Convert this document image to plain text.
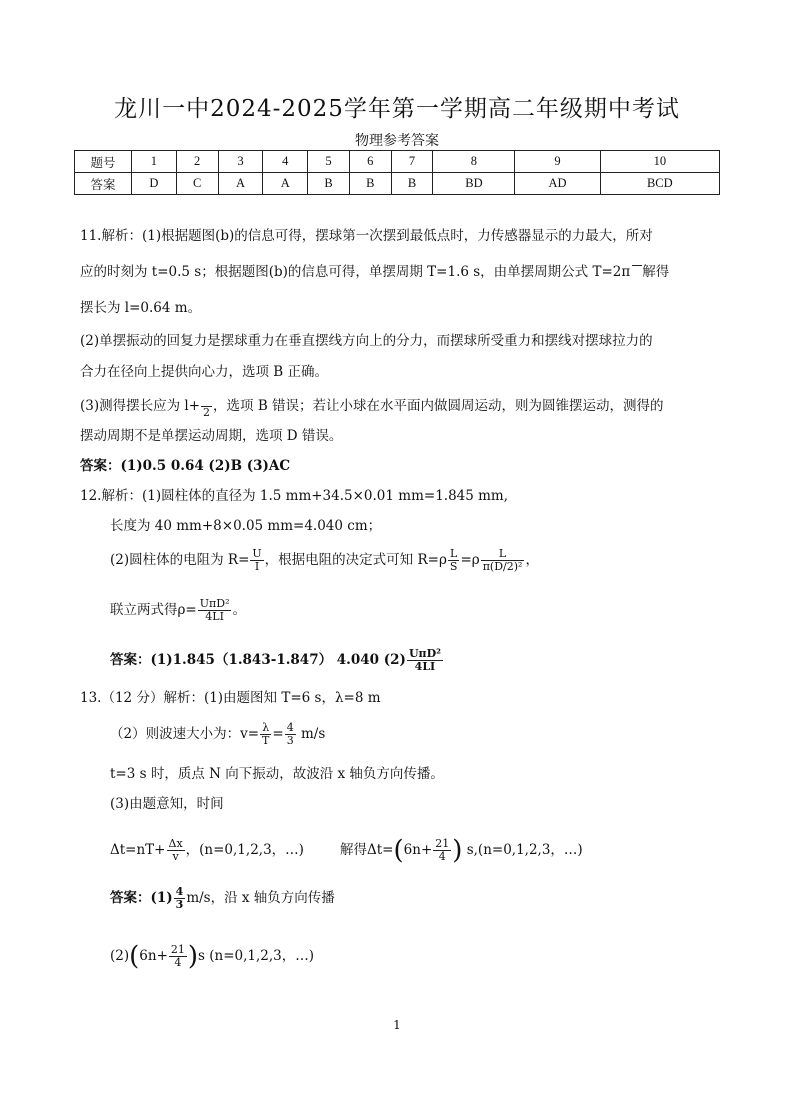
龙川一中2024-2025学年第一学期高二年级期中考试
物理参考答案
题号	1	2	3	4	5	6	7	8	9	10
答案	D	C	A	A	B	B	B	BD	AD	BCD
11.解析：(1)根据题图(b)的信息可得，摆球第一次摆到最低点时，力传感器显示的力最大，所对
应的时刻为 t=0.5 s；根据题图(b)的信息可得，单摆周期 T=1.6 s，由单摆周期公式 T=2π 解得
摆长为 l=0.64 m。
(2)单摆振动的回复力是摆球重力在垂直摆线方向上的分力，而摆球所受重力和摆线对摆球拉力的
合力在径向上提供向心力，选项 B 正确。
(3)测得摆长应为 l+ 2 ，选项 B 错误；若让小球在水平面内做圆周运动，则为圆锥摆运动，测得的
摆动周期不是单摆运动周期，选项 D 错误。
答案：(1)0.5 0.64 (2)B (3)AC
12.解析：(1)圆柱体的直径为 1.5 mm+34.5×0.01 mm=1.845 mm,
长度为 40 mm+8×0.05 mm=4.040 cm；
(2)圆柱体的电阻为 $R= \frac{U}{I}$ ，根据电阻的决定式可知 $R=\rho \frac{L}{S} =\rho \frac{L}{\text{π(D/2)²}}$ ，
联立两式得$\rho= \frac{\text{UπD²}}{4LI}$ 。
答案：(1)1.845（1.843-1.847） 4.040 $(2) \frac{\text{UπD²}}{4LI}$
13.（12 分）解析：(1)由题图知 T=6 s，λ=8 m
（2）则波速大小为：$v= \frac{\lambda}{T} = \frac{4}{3} m/s$
t=3 s 时，质点 N 向下振动，故波沿 x 轴负方向传播。
(3)由题意知，时间
$\Delta t=nT+ \frac{\Delta x}{v}$ ，(n=0,1,2,3，…)	解得$\Delta t=(6n+ \frac{21}{4}$ ) s,(n=0,1,2,3，…)
答案：$(1) \frac{4}{3} m/s$，沿 x 轴负方向传播
$(2)(6n+ \frac{21}{4} )s$ (n=0,1,2,3，…)
1
